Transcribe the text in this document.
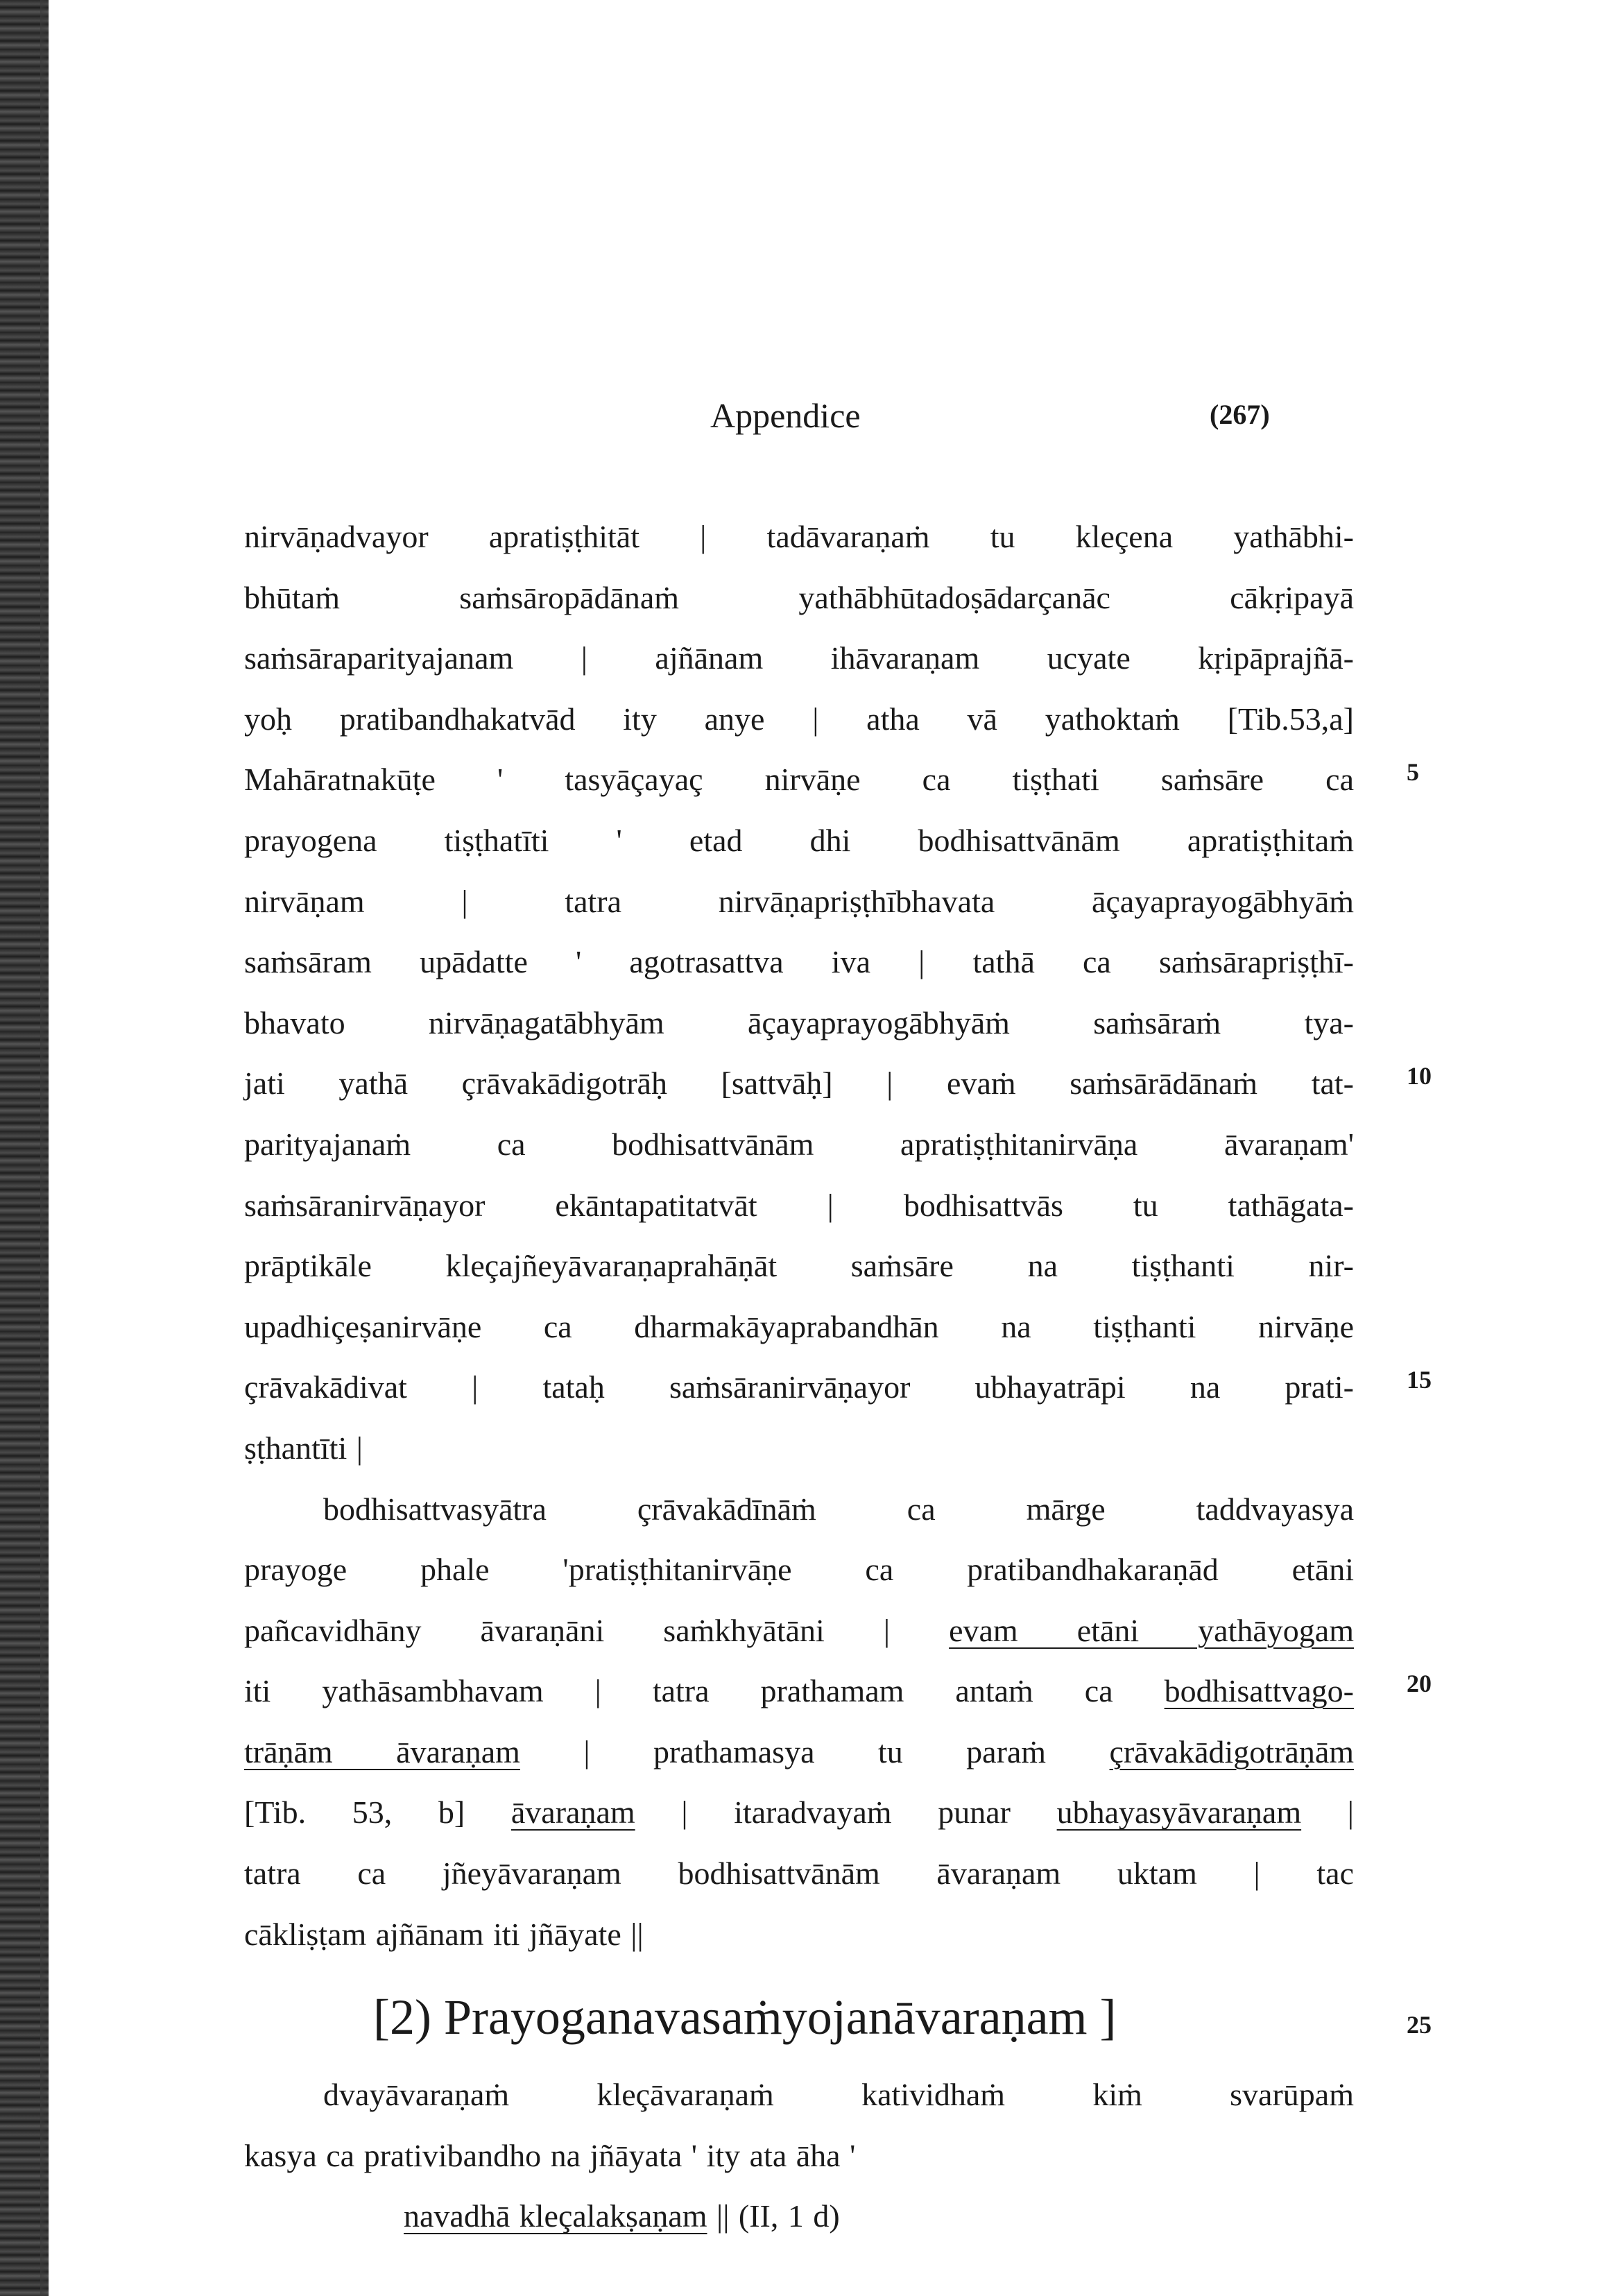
Appendice	(267)
nirvāṇadvayor apratiṣṭhitāt | tadāvaraṇaṁ tu kleçena yathābhi-
bhūtaṁ saṁsāropādānaṁ yathābhūtadoṣādarçanāc cākṛipayā
saṁsāraparityajanam | ajñānam ihāvaraṇam ucyate kṛipāprajñā-
yoḥ pratibandhakatvād ity anye | atha vā yathoktaṁ [Tib.53,a]
Mahāratnakūṭe ' tasyāçayaç nirvāṇe ca tiṣṭhati saṁsāre ca
prayogena tiṣṭhatīti ' etad dhi bodhisattvānām apratiṣṭhitaṁ
nirvāṇam | tatra nirvāṇapriṣṭhībhavata āçayaprayogābhyāṁ
saṁsāram upādatte ' agotrasattva iva | tathā ca saṁsārapriṣṭhī-
bhavato nirvāṇagatābhyām āçayaprayogābhyāṁ saṁsāraṁ tya-
jati yathā çrāvakādigotrāḥ [sattvāḥ] | evaṁ saṁsārādānaṁ tat-
parityajanaṁ ca bodhisattvānām apratiṣṭhitanirvāṇa āvaraṇam'
saṁsāranirvāṇayor ekāntapatitatvāt | bodhisattvās tu tathāgata-
prāptikāle kleçajñeyāvaraṇaprahāṇāt saṁsāre na tiṣṭhanti nir-
upadhiçeṣanirvāṇe ca dharmakāyaprabandhān na tiṣṭhanti nirvāṇe
çrāvakādivat | tataḥ saṁsāranirvāṇayor ubhayatrāpi na prati-
ṣṭhantīti |
bodhisattvasyātra çrāvakādīnāṁ ca mārge taddvayasya
prayoge phale 'pratiṣṭhitanirvāṇe ca pratibandhakaraṇād etāni
pañcavidhāny āvaraṇāni saṁkhyātāni | evam etāni yathāyogam
iti yathāsambhavam | tatra prathamam antaṁ ca bodhisattvago-
trāṇām āvaraṇam | prathamasya tu paraṁ çrāvakādigotrāṇām
[Tib. 53, b] āvaraṇam | itaradvayaṁ punar ubhayasyāvaraṇam |
tatra ca jñeyāvaraṇam bodhisattvānām āvaraṇam uktam | tac
cākliṣṭam ajñānam iti jñāyate ||
[2) Prayoganavasaṁyojanāvaraṇam ]
dvayāvaraṇaṁ kleçāvaraṇaṁ katividhaṁ kiṁ svarūpaṁ
kasya ca prativibandho na jñāyata ' ity ata āha '
navadhā kleçalakṣaṇam || (II, 1 d)
5
10
15
20
25
